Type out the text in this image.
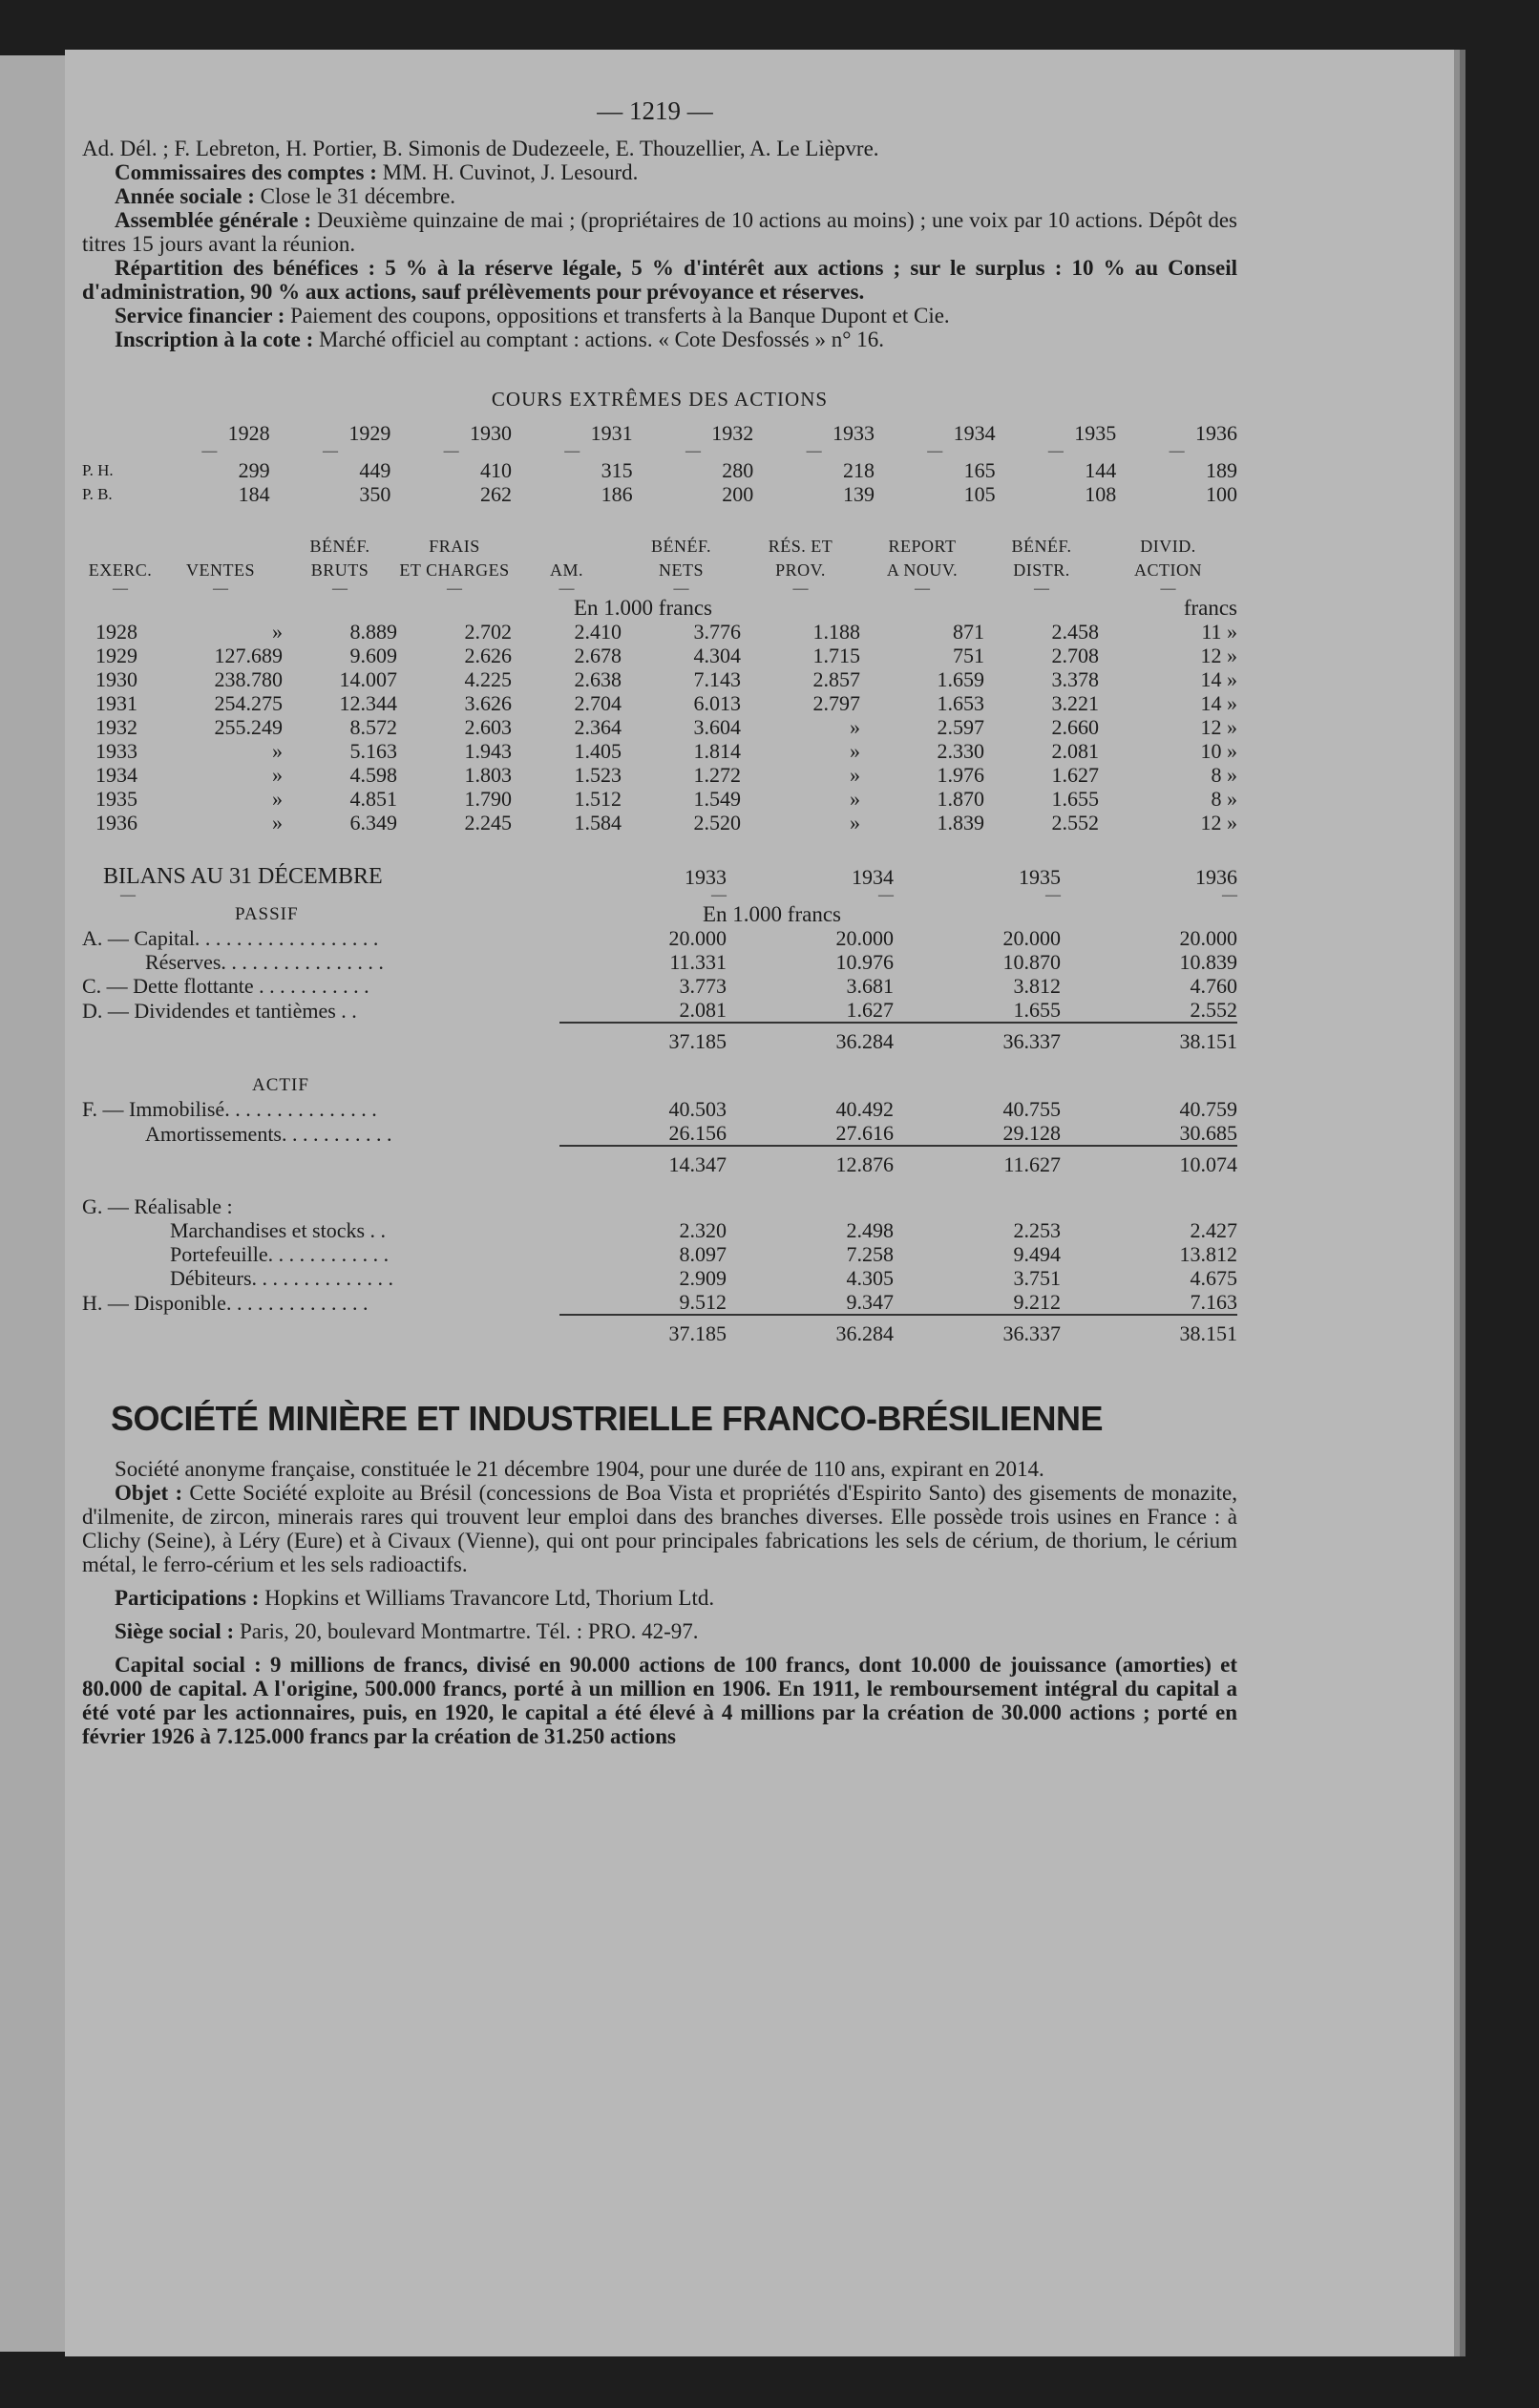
— 1219 —

Ad. Dél. ; F. Lebreton, H. Portier, B. Simonis de Dudezeele, E. Thouzellier, A. Le Lièpvre.

Commissaires des comptes : MM. H. Cuvinot, J. Lesourd.

Année sociale : Close le 31 décembre.

Assemblée générale : Deuxième quinzaine de mai ; (propriétaires de 10 actions au moins) ; une voix par 10 actions. Dépôt des titres 15 jours avant la réunion.

Répartition des bénéfices : 5 % à la réserve légale, 5 % d'intérêt aux actions ; sur le surplus : 10 % au Conseil d'administration, 90 % aux actions, sauf prélèvements pour prévoyance et réserves.

Service financier : Paiement des coupons, oppositions et transferts à la Banque Dupont et Cie.

Inscription à la cote : Marché officiel au comptant : actions. « Cote Desfossés » n° 16.

COURS EXTRÊMES DES ACTIONS
	1928	1929	1930	1931	1932	1933	1934	1935	1936
	—	—	—	—	—	—	—	—	—
P. H.	299	449	410	315	280	218	165	144	189
P. B.	184	350	262	186	200	139	105	108	100
		BÉNÉF.	FRAIS		BÉNÉF.	RÉS. ET	REPORT	BÉNÉF.	DIVID.
EXERC.	VENTES	BRUTS	ET CHARGES	AM.	NETS	PROV.	A NOUV.	DISTR.	ACTION
—	—	—	—	—	—	—	—	—	—
En 1.000 francs									francs
1928	»	8.889	2.702	2.410	3.776	1.188	871	2.458	11 »
1929	127.689	9.609	2.626	2.678	4.304	1.715	751	2.708	12 »
1930	238.780	14.007	4.225	2.638	7.143	2.857	1.659	3.378	14 »
1931	254.275	12.344	3.626	2.704	6.013	2.797	1.653	3.221	14 »
1932	255.249	8.572	2.603	2.364	3.604	»	2.597	2.660	12 »
1933	»	5.163	1.943	1.405	1.814	»	2.330	2.081	10 »
1934	»	4.598	1.803	1.523	1.272	»	1.976	1.627	8 »
1935	»	4.851	1.790	1.512	1.549	»	1.870	1.655	8 »
1936	»	6.349	2.245	1.584	2.520	»	1.839	2.552	12 »
BILANS AU 31 DÉCEMBRE	1933	1934	1935	1936
—	—	—	—	—
PASSIF	En 1.000 francs			
A. — Capital. . . . . . . . . . . . . . . . . .	20.000	20.000	20.000	20.000
Réserves. . . . . . . . . . . . . . . .	11.331	10.976	10.870	10.839
C. — Dette flottante . . . . . . . . . . .	3.773	3.681	3.812	4.760
D. — Dividendes et tantièmes . .	2.081	1.627	1.655	2.552
	37.185	36.284	36.337	38.151
ACTIF				
F. — Immobilisé. . . . . . . . . . . . . . .	40.503	40.492	40.755	40.759
Amortissements. . . . . . . . . . .	26.156	27.616	29.128	30.685
	14.347	12.876	11.627	10.074
G. — Réalisable :				
Marchandises et stocks . .	2.320	2.498	2.253	2.427
Portefeuille. . . . . . . . . . . .	8.097	7.258	9.494	13.812
Débiteurs. . . . . . . . . . . . . .	2.909	4.305	3.751	4.675
H. — Disponible. . . . . . . . . . . . . .	9.512	9.347	9.212	7.163
	37.185	36.284	36.337	38.151
SOCIÉTÉ MINIÈRE ET INDUSTRIELLE FRANCO-BRÉSILIENNE

Société anonyme française, constituée le 21 décembre 1904, pour une durée de 110 ans, expirant en 2014.

Objet : Cette Société exploite au Brésil (concessions de Boa Vista et propriétés d'Espirito Santo) des gisements de monazite, d'ilmenite, de zircon, minerais rares qui trouvent leur emploi dans des branches diverses. Elle possède trois usines en France : à Clichy (Seine), à Léry (Eure) et à Civaux (Vienne), qui ont pour principales fabrications les sels de cérium, de thorium, le cérium métal, le ferro-cérium et les sels radioactifs.

Participations : Hopkins et Williams Travancore Ltd, Thorium Ltd.

Siège social : Paris, 20, boulevard Montmartre. Tél. : PRO. 42-97.

Capital social : 9 millions de francs, divisé en 90.000 actions de 100 francs, dont 10.000 de jouissance (amorties) et 80.000 de capital. A l'origine, 500.000 francs, porté à un million en 1906. En 1911, le remboursement intégral du capital a été voté par les actionnaires, puis, en 1920, le capital a été élevé à 4 millions par la création de 30.000 actions ; porté en février 1926 à 7.125.000 francs par la création de 31.250 actions
